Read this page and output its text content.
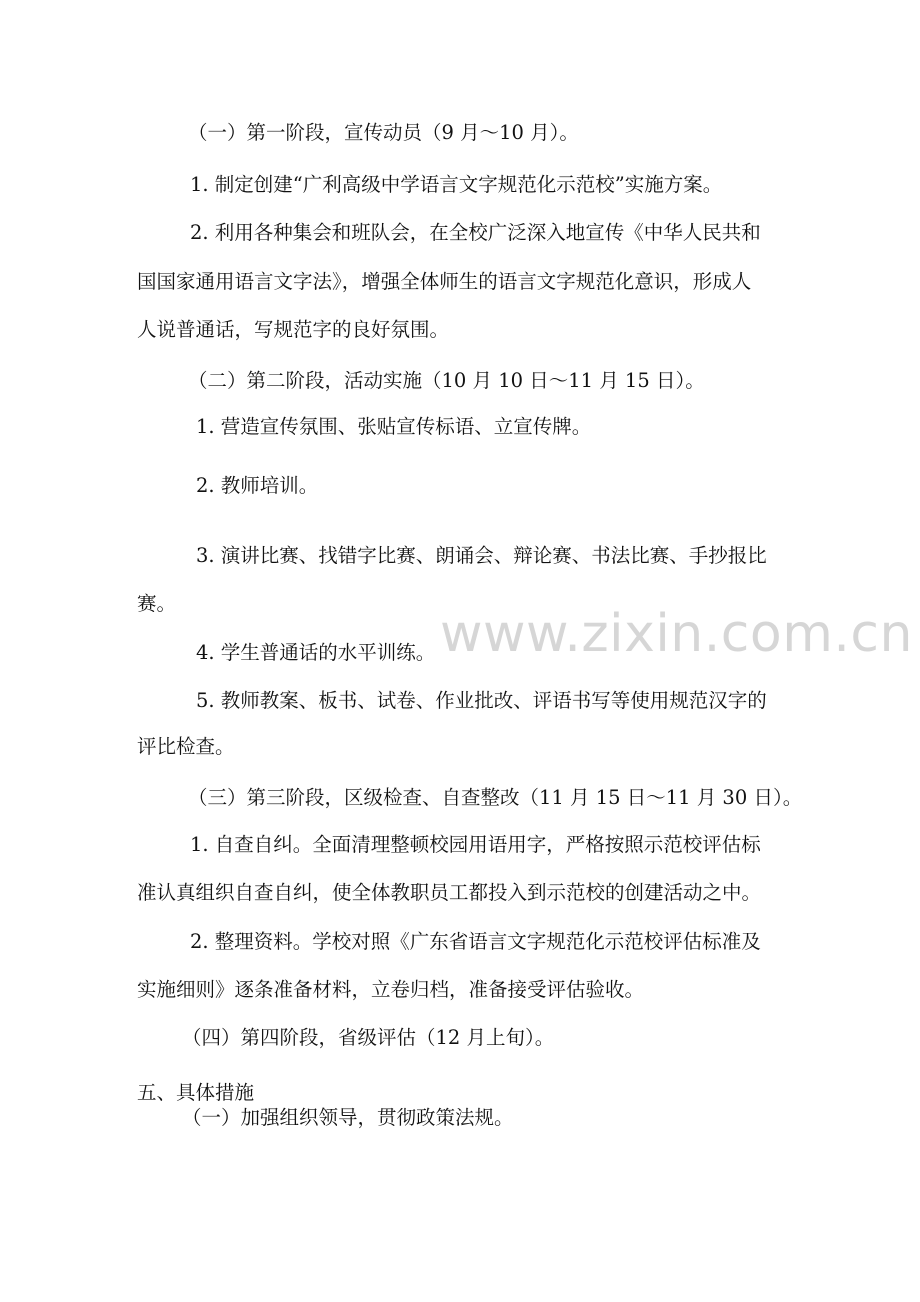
（一）第一阶段，宣传动员（9 月～10 月）。
1. 制定创建“广利高级中学语言文字规范化示范校”实施方案。
2. 利用各种集会和班队会，在全校广泛深入地宣传《中华人民共和
国国家通用语言文字法》，增强全体师生的语言文字规范化意识，形成人
人说普通话，写规范字的良好氛围。
（二）第二阶段，活动实施（10 月 10 日～11 月 15 日）。
1. 营造宣传氛围、张贴宣传标语、立宣传牌。
2. 教师培训。
3. 演讲比赛、找错字比赛、朗诵会、辩论赛、书法比赛、手抄报比
赛。
4. 学生普通话的水平训练。
5. 教师教案、板书、试卷、作业批改、评语书写等使用规范汉字的
评比检查。
（三）第三阶段，区级检查、自查整改（11 月 15 日～11 月 30 日）。
1. 自查自纠。全面清理整顿校园用语用字，严格按照示范校评估标
准认真组织自查自纠，使全体教职员工都投入到示范校的创建活动之中。
2. 整理资料。学校对照《广东省语言文字规范化示范校评估标准及
实施细则》逐条准备材料，立卷归档，准备接受评估验收。
（四）第四阶段，省级评估（12 月上旬）。
五、具体措施
（一）加强组织领导，贯彻政策法规。
www.zixin.com.cn
